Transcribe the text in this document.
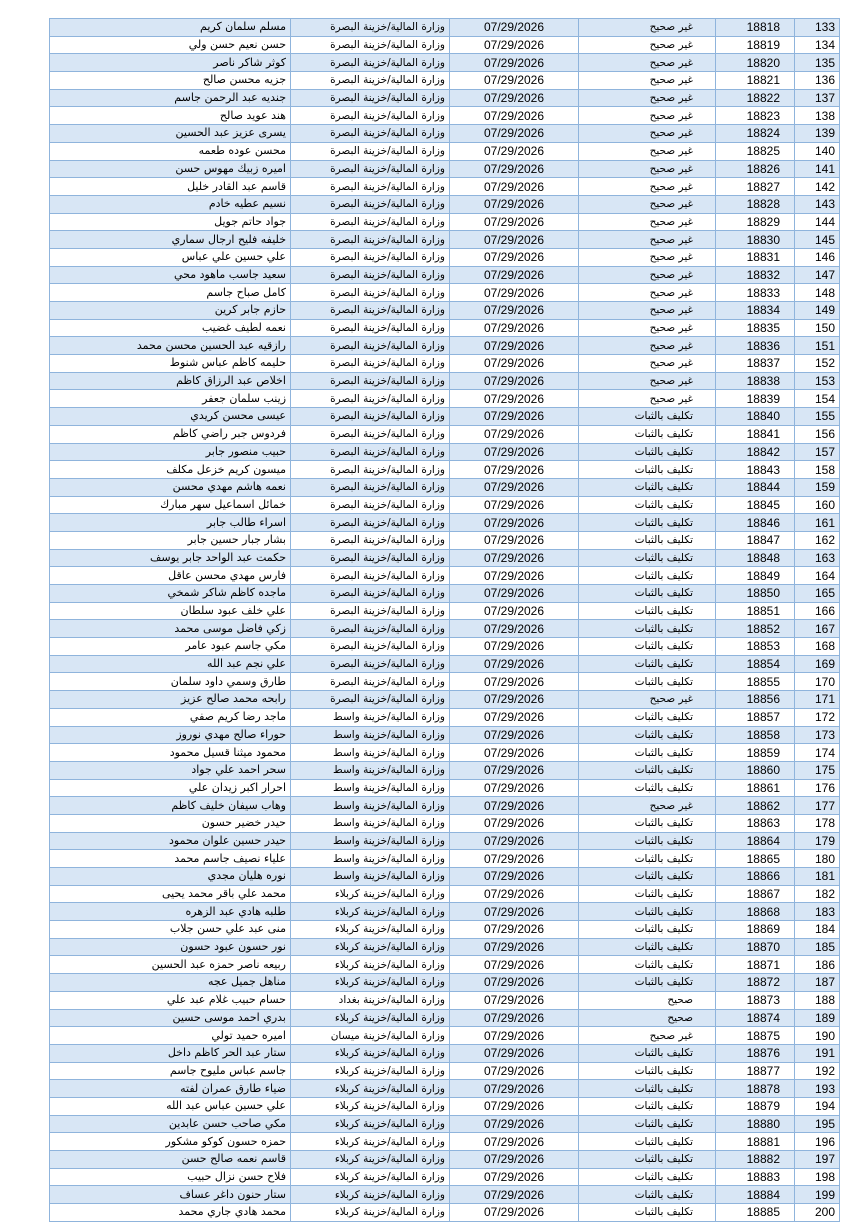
مسلم سلمان كريم	وزارة المالية/خزينة البصرة	07/29/2026	غير صحيح	18818	133
حسن نعيم حسن ولي	وزارة المالية/خزينة البصرة	07/29/2026	غير صحيح	18819	134
كوثر شاكر ناصر	وزارة المالية/خزينة البصرة	07/29/2026	غير صحيح	18820	135
جزيه محسن صالح	وزارة المالية/خزينة البصرة	07/29/2026	غير صحيح	18821	136
جنديه عبد الرحمن جاسم	وزارة المالية/خزينة البصرة	07/29/2026	غير صحيح	18822	137
هند عويد صالح	وزارة المالية/خزينة البصرة	07/29/2026	غير صحيح	18823	138
يسرى عزيز عبد الحسين	وزارة المالية/خزينة البصرة	07/29/2026	غير صحيح	18824	139
محسن عوده طعمه	وزارة المالية/خزينة البصرة	07/29/2026	غير صحيح	18825	140
اميره زبيك مهوس حسن	وزارة المالية/خزينة البصرة	07/29/2026	غير صحيح	18826	141
قاسم عبد القادر خليل	وزارة المالية/خزينة البصرة	07/29/2026	غير صحيح	18827	142
نسيم عطيه خادم	وزارة المالية/خزينة البصرة	07/29/2026	غير صحيح	18828	143
جواد حاتم جويل	وزارة المالية/خزينة البصرة	07/29/2026	غير صحيح	18829	144
خليفه فليح ارجال سماري	وزارة المالية/خزينة البصرة	07/29/2026	غير صحيح	18830	145
علي حسين علي عباس	وزارة المالية/خزينة البصرة	07/29/2026	غير صحيح	18831	146
سعيد جاسب ماهود محي	وزارة المالية/خزينة البصرة	07/29/2026	غير صحيح	18832	147
كامل صباح جاسم	وزارة المالية/خزينة البصرة	07/29/2026	غير صحيح	18833	148
حازم جابر كرين	وزارة المالية/خزينة البصرة	07/29/2026	غير صحيح	18834	149
نعمه لطيف غضيب	وزارة المالية/خزينة البصرة	07/29/2026	غير صحيح	18835	150
رازقيه عبد الحسين محسن محمد	وزارة المالية/خزينة البصرة	07/29/2026	غير صحيح	18836	151
حليمه كاظم عباس شنوط	وزارة المالية/خزينة البصرة	07/29/2026	غير صحيح	18837	152
اخلاص عبد الرزاق كاظم	وزارة المالية/خزينة البصرة	07/29/2026	غير صحيح	18838	153
زينب سلمان جعفر	وزارة المالية/خزينة البصرة	07/29/2026	غير صحيح	18839	154
عيسى محسن كريدي	وزارة المالية/خزينة البصرة	07/29/2026	تكليف بالثبات	18840	155
فردوس جبر راضي كاظم	وزارة المالية/خزينة البصرة	07/29/2026	تكليف بالثبات	18841	156
حبيب منصور جابر	وزارة المالية/خزينة البصرة	07/29/2026	تكليف بالثبات	18842	157
ميسون كريم خزعل مكلف	وزارة المالية/خزينة البصرة	07/29/2026	تكليف بالثبات	18843	158
نعمه هاشم مهدي محسن	وزارة المالية/خزينة البصرة	07/29/2026	تكليف بالثبات	18844	159
خمائل اسماعيل سهر مبارك	وزارة المالية/خزينة البصرة	07/29/2026	تكليف بالثبات	18845	160
اسراء طالب جابر	وزارة المالية/خزينة البصرة	07/29/2026	تكليف بالثبات	18846	161
بشار جبار حسين جابر	وزارة المالية/خزينة البصرة	07/29/2026	تكليف بالثبات	18847	162
حكمت عبد الواحد جابر يوسف	وزارة المالية/خزينة البصرة	07/29/2026	تكليف بالثبات	18848	163
فارس مهدي محسن عاقل	وزارة المالية/خزينة البصرة	07/29/2026	تكليف بالثبات	18849	164
ماجده كاظم شاكر شمخي	وزارة المالية/خزينة البصرة	07/29/2026	تكليف بالثبات	18850	165
علي خلف عبود سلطان	وزارة المالية/خزينة البصرة	07/29/2026	تكليف بالثبات	18851	166
زكي فاضل موسى محمد	وزارة المالية/خزينة البصرة	07/29/2026	تكليف بالثبات	18852	167
مكي جاسم عبود عامر	وزارة المالية/خزينة البصرة	07/29/2026	تكليف بالثبات	18853	168
علي نجم عبد الله	وزارة المالية/خزينة البصرة	07/29/2026	تكليف بالثبات	18854	169
طارق وسمي داود سلمان	وزارة المالية/خزينة البصرة	07/29/2026	تكليف بالثبات	18855	170
رابحه محمد صالح عزيز	وزارة المالية/خزينة البصرة	07/29/2026	غير صحيح	18856	171
ماجد رضا كريم صفي	وزارة المالية/خزينة واسط	07/29/2026	تكليف بالثبات	18857	172
حوراء صالح مهدي نوروز	وزارة المالية/خزينة واسط	07/29/2026	تكليف بالثبات	18858	173
محمود ميثنا قسيل محمود	وزارة المالية/خزينة واسط	07/29/2026	تكليف بالثبات	18859	174
سحر احمد علي جواد	وزارة المالية/خزينة واسط	07/29/2026	تكليف بالثبات	18860	175
احرار اكبر زيدان علي	وزارة المالية/خزينة واسط	07/29/2026	تكليف بالثبات	18861	176
وهاب سيفان خليف كاظم	وزارة المالية/خزينة واسط	07/29/2026	غير صحيح	18862	177
حيدر خضير حسون	وزارة المالية/خزينة واسط	07/29/2026	تكليف بالثبات	18863	178
حيدر حسين علوان محمود	وزارة المالية/خزينة واسط	07/29/2026	تكليف بالثبات	18864	179
علياء نصيف جاسم محمد	وزارة المالية/خزينة واسط	07/29/2026	تكليف بالثبات	18865	180
نوره هليان مجدي	وزارة المالية/خزينة واسط	07/29/2026	تكليف بالثبات	18866	181
محمد علي باقر محمد يحيى	وزارة المالية/خزينة كربلاء	07/29/2026	تكليف بالثبات	18867	182
طلبه هادي عبد الزهره	وزارة المالية/خزينة كربلاء	07/29/2026	تكليف بالثبات	18868	183
منى عبد علي حسن جلاب	وزارة المالية/خزينة كربلاء	07/29/2026	تكليف بالثبات	18869	184
نور حسون عبود حسون	وزارة المالية/خزينة كربلاء	07/29/2026	تكليف بالثبات	18870	185
ربيعه ناصر حمزه عبد الحسين	وزارة المالية/خزينة كربلاء	07/29/2026	تكليف بالثبات	18871	186
مناهل جميل عجه	وزارة المالية/خزينة كربلاء	07/29/2026	تكليف بالثبات	18872	187
حسام حبيب غلام عبد علي	وزارة المالية/خزينة بغداد	07/29/2026	صحيح	18873	188
بدري احمد موسى حسين	وزارة المالية/خزينة كربلاء	07/29/2026	صحيح	18874	189
اميره حميد تولي	وزارة المالية/خزينة ميسان	07/29/2026	غير صحيح	18875	190
ستار عبد الحر كاظم داخل	وزارة المالية/خزينة كربلاء	07/29/2026	تكليف بالثبات	18876	191
جاسم عباس مليوح جاسم	وزارة المالية/خزينة كربلاء	07/29/2026	تكليف بالثبات	18877	192
ضياء طارق عمران لفته	وزارة المالية/خزينة كربلاء	07/29/2026	تكليف بالثبات	18878	193
علي حسين عباس عبد الله	وزارة المالية/خزينة كربلاء	07/29/2026	تكليف بالثبات	18879	194
مكي صاحب حسن عابدين	وزارة المالية/خزينة كربلاء	07/29/2026	تكليف بالثبات	18880	195
حمزه حسون كوكو مشكور	وزارة المالية/خزينة كربلاء	07/29/2026	تكليف بالثبات	18881	196
قاسم نعمه صالح حسن	وزارة المالية/خزينة كربلاء	07/29/2026	تكليف بالثبات	18882	197
فلاح حسن نزال حبيب	وزارة المالية/خزينة كربلاء	07/29/2026	تكليف بالثبات	18883	198
ستار حنون داغر عساف	وزارة المالية/خزينة كربلاء	07/29/2026	تكليف بالثبات	18884	199
محمد هادي جاري محمد	وزارة المالية/خزينة كربلاء	07/29/2026	تكليف بالثبات	18885	200
